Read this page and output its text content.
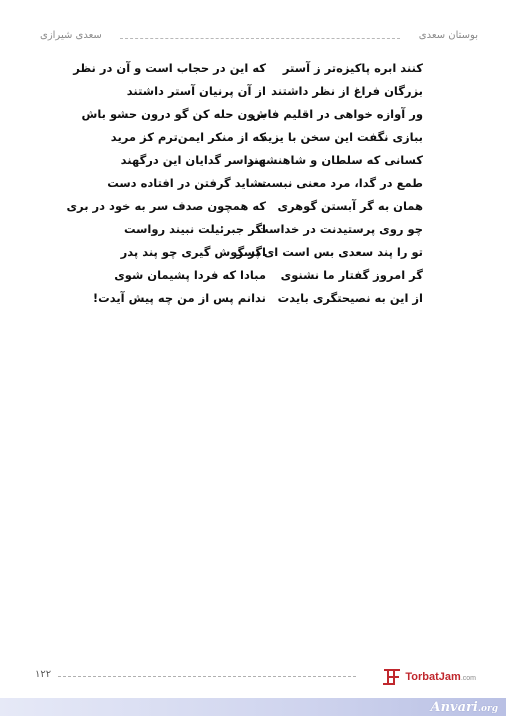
بوستان سعدی
سعدی شیرازی
کنند ابره پاکیزه‌تر ز آستر
که این در حجاب است و آن در نظر
بزرگان فراغ از نظر داشتند
از آن پرنیان آستر داشتند
ور آوازه خواهی در اقلیم فاش
برون حله کن گو درون حشو باش
ببازی نگفت این سخن با یزید
که از منکر ایمن‌ترم کز مرید
کسانی که سلطان و شاهنشهند
سراسر گدایان این درگهند
طمع در گدا، مرد معنی نبست
نشاید گرفتن در افتاده دست
همان به گر آبستن گوهری
که همچون صدف سر به خود در بری
چو روی پرستیدنت در خداست
اگر جبرئیلت نبیند رواست
تو را پند سعدی بس است ای پسر
اگر گوش گیری چو پند پدر
گر امروز گفتار ما نشنوی
مبادا که فردا پشیمان شوی
از این به نصیحتگری بایدت
ندانم پس از من چه پیش آیدت!
۱۲۲	TorbatJam.com
Anvari.org
